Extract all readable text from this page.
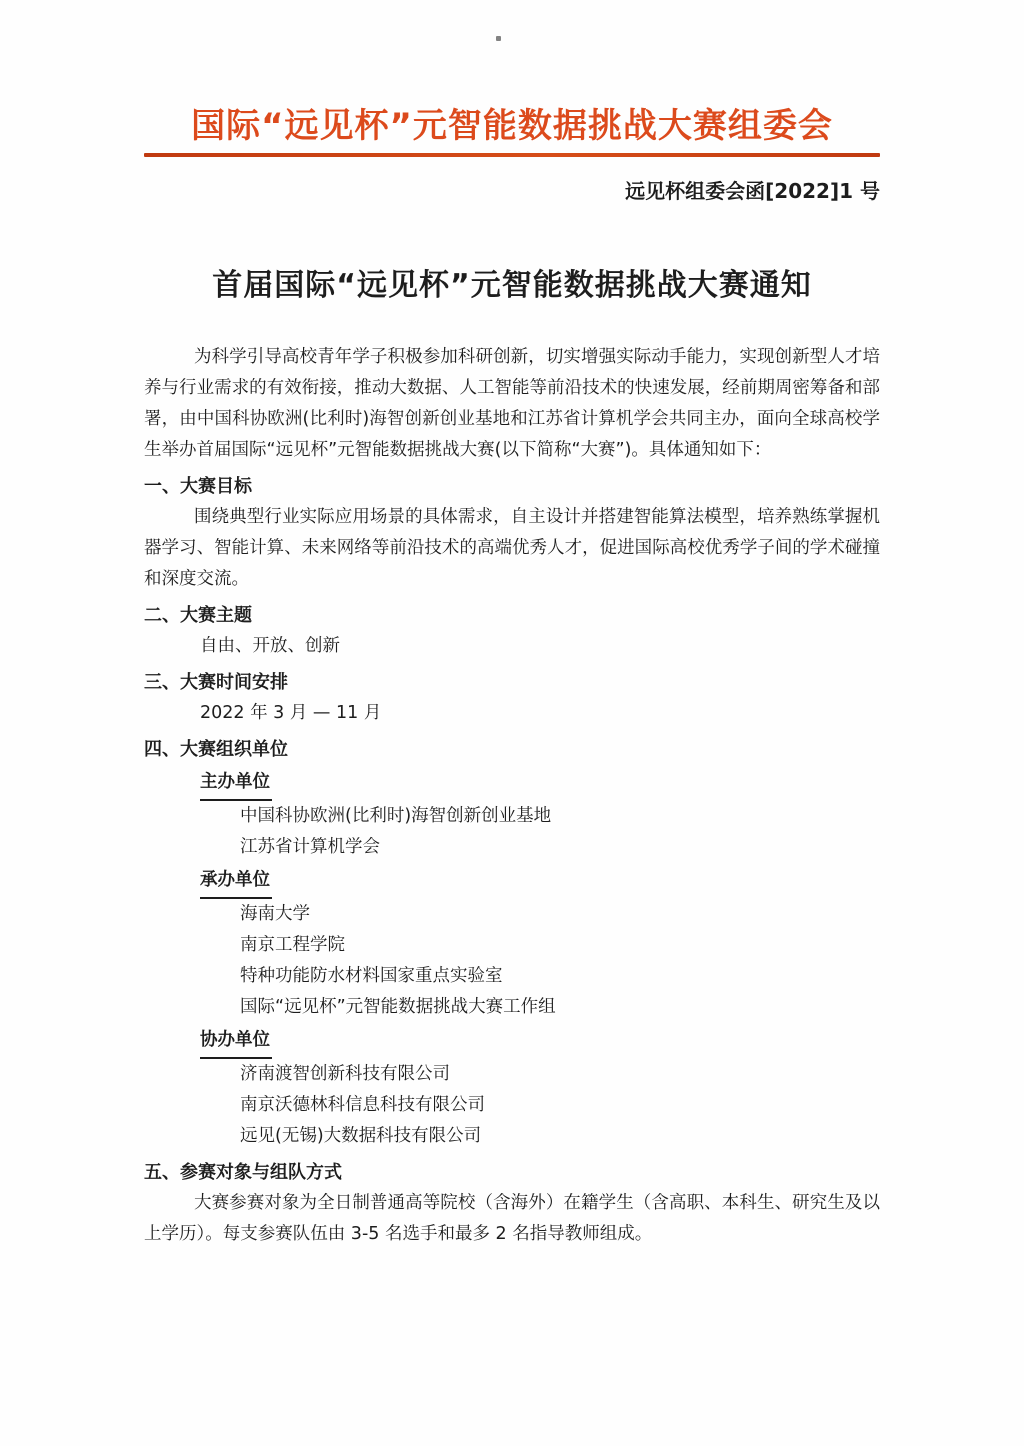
国际“远见杯”元智能数据挑战大赛组委会
远见杯组委会函[2022]1 号
首届国际“远见杯”元智能数据挑战大赛通知

为科学引导高校青年学子积极参加科研创新，切实增强实际动手能力，实现创新型人才培养与行业需求的有效衔接，推动大数据、人工智能等前沿技术的快速发展，经前期周密筹备和部署，由中国科协欧洲(比利时)海智创新创业基地和江苏省计算机学会共同主办，面向全球高校学生举办首届国际“远见杯”元智能数据挑战大赛(以下简称“大赛”)。具体通知如下：

一、大赛目标

围绕典型行业实际应用场景的具体需求，自主设计并搭建智能算法模型，培养熟练掌握机器学习、智能计算、未来网络等前沿技术的高端优秀人才，促进国际高校优秀学子间的学术碰撞和深度交流。

二、大赛主题
自由、开放、创新
三、大赛时间安排
2022 年 3 月 — 11 月
四、大赛组织单位
主办单位
中国科协欧洲(比利时)海智创新创业基地
江苏省计算机学会
承办单位
海南大学
南京工程学院
特种功能防水材料国家重点实验室
国际“远见杯”元智能数据挑战大赛工作组
协办单位
济南渡智创新科技有限公司
南京沃德林科信息科技有限公司
远见(无锡)大数据科技有限公司
五、参赛对象与组队方式

大赛参赛对象为全日制普通高等院校（含海外）在籍学生（含高职、本科生、研究生及以上学历）。每支参赛队伍由 3-5 名选手和最多 2 名指导教师组成。
